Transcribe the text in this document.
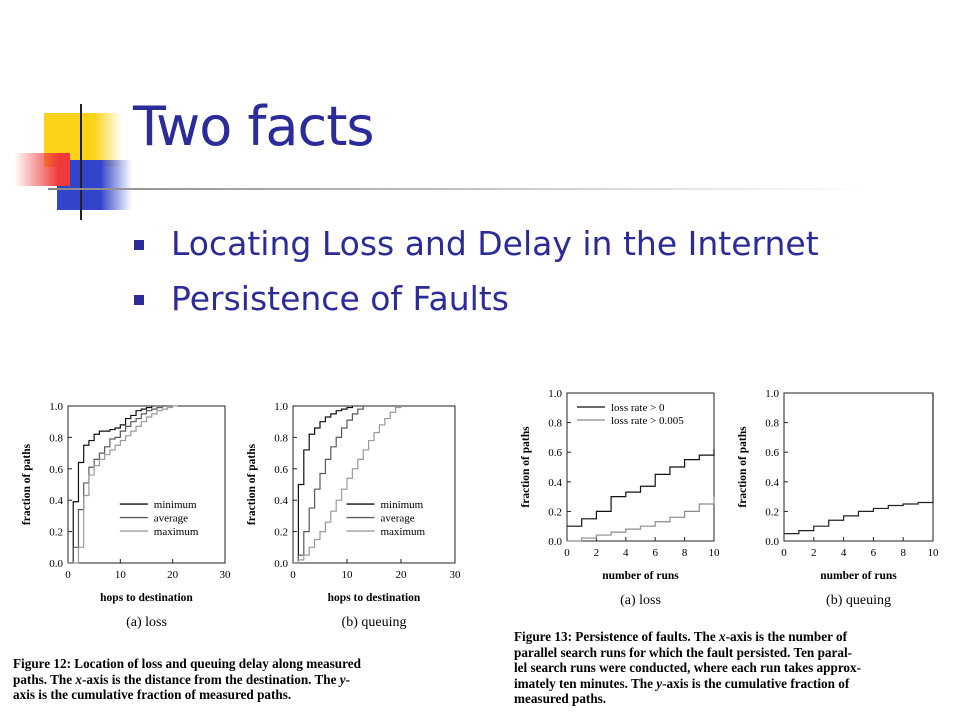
Two facts
Locating Loss and Delay in the Internet
Persistence of Faults
0.0
0.2
0.4
0.6
0.8
1.0
0	10	20	30
hops to destination
fraction of paths
(a) loss
minimum
average
maximum
0.0
0.2
0.4
0.6
0.8
1.0
0	10	20	30
hops to destination
fraction of paths
(b) queuing
minimum
average
maximum
0.0
0.2
0.4
0.6
0.8
1.0
0 2 4 6 8 10
number of runs
fraction of paths
(a) loss
loss rate > 0
loss rate > 0.005
0.0
0.2
0.4
0.6
0.8
1.0
0 2 4 6 8 10
number of runs
fraction of paths
(b) queuing

Figure 12: Location of loss and queuing delay along measured
paths. The x-axis is the distance from the destination. The y-
axis is the cumulative fraction of measured paths.

Figure 13: Persistence of faults. The x-axis is the number of
parallel search runs for which the fault persisted. Ten paral-
lel search runs were conducted, where each run takes approx-
imately ten minutes. The y-axis is the cumulative fraction of
measured paths.
